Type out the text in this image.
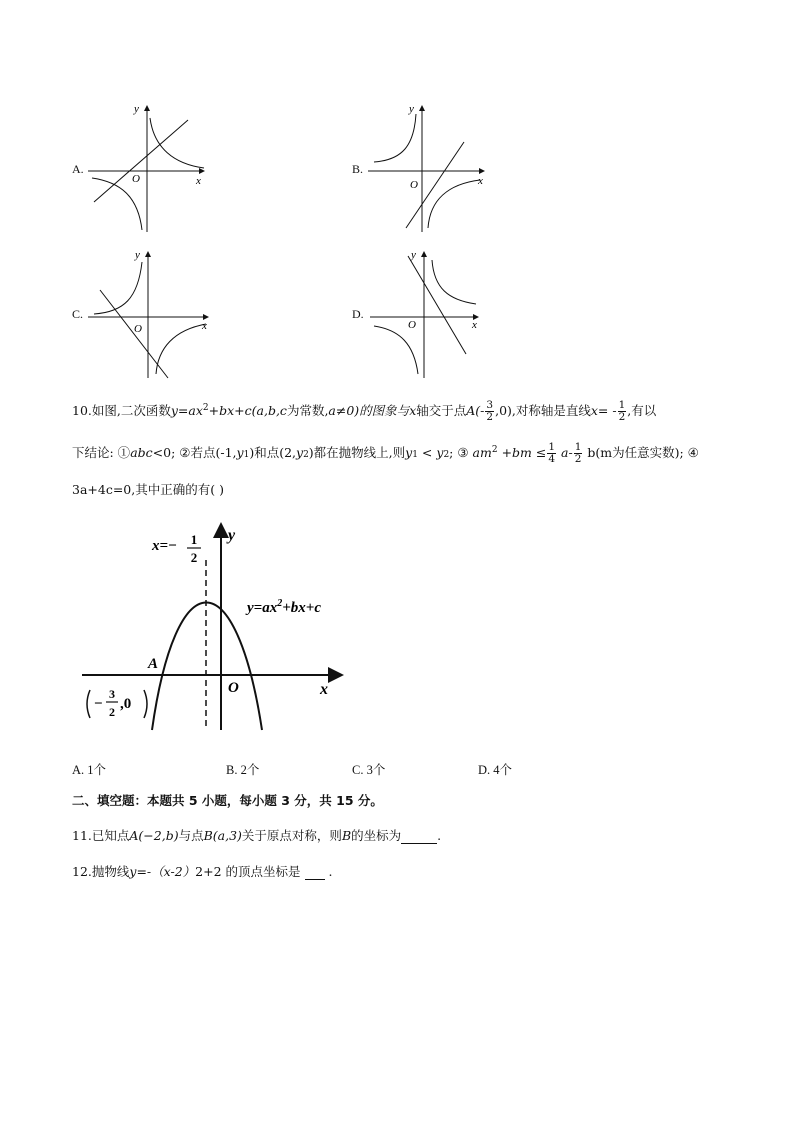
A.
y
x
O
B.
y
x
O
C.
y
x
O
D.
y
x
O
10.如图,二次函数$y=ax^2+bx+c(a,b,c$为常数,a≠0)的图象与x轴交于点$A(- \frac{3}{2} ,0)$,对称轴是直线$x= - \frac{1}{2}$ ,有以
下结论: ①abc<0; ②若点(-1,y1)和点(2,y2)都在抛物线上,则y1 < y2; ③ $am^2 +bm \le \frac{1}{4} a- \frac{1}{2} b(m$为任意实数); ④
3a+4c=0,其中正确的有( )
x=− 1
2
y
x
$y=ax^2+bx+c$
A
O
−
3
2 ,0
A. 1个	B. 2个	C. 3个	D. 4个
二、填空题：本题共 5 小题，每小题 3 分，共 15 分。
11.已知点A(−2,b)与点B(a,3)关于原点对称，则B的坐标为	.
12.抛物线y=-（x-2）2+2 的顶点坐标是   .
